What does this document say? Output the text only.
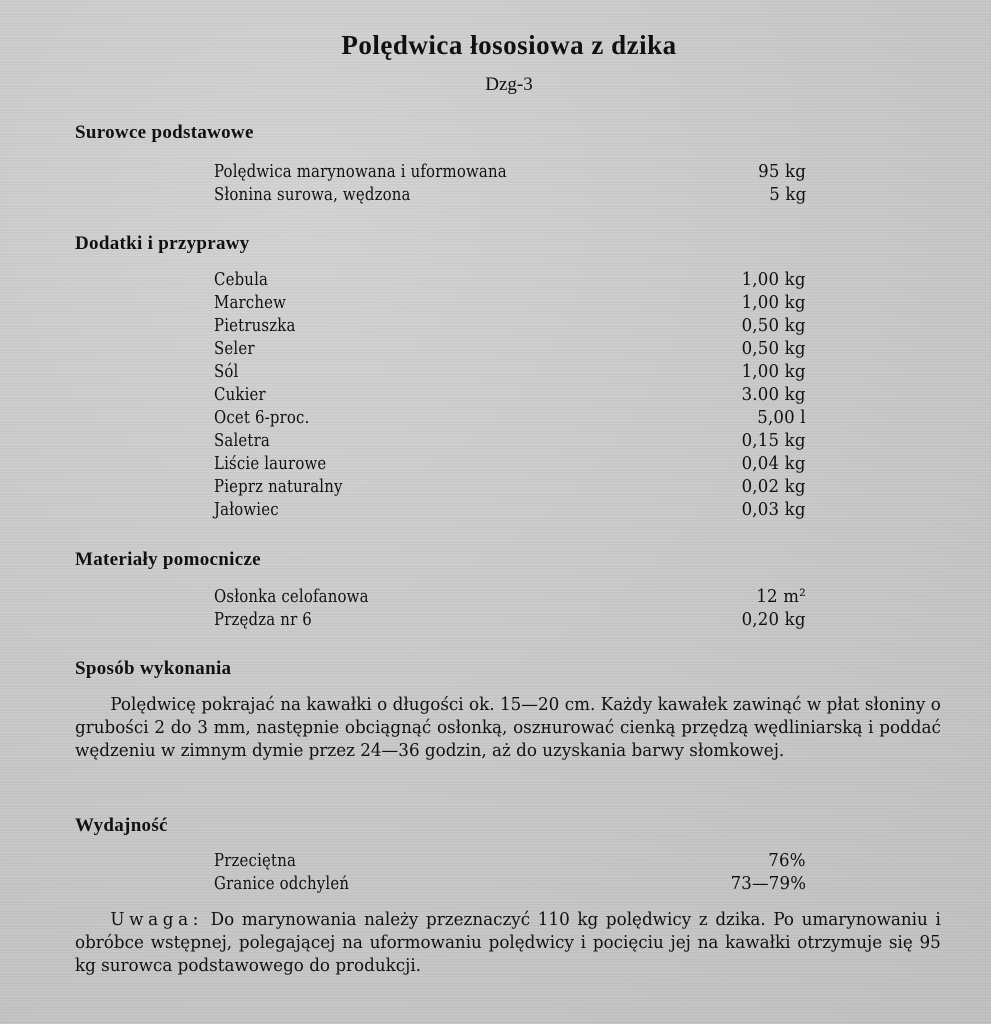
Polędwica łososiowa z dzika
Dzg-3
Surowce podstawowe
Polędwica marynowana i uformowana	95 kg
Słonina surowa, wędzona	5 kg
Dodatki i przyprawy
Cebula	1,00 kg
Marchew	1,00 kg
Pietruszka	0,50 kg
Seler	0,50 kg
Sól	1,00 kg
Cukier	3.00 kg
Ocet 6-proc.	5,00 l
Saletra	0,15 kg
Liście laurowe	0,04 kg
Pieprz naturalny	0,02 kg
Jałowiec	0,03 kg
Materiały pomocnicze
Osłonka celofanowa	12 m²
Przędza nr 6	0,20 kg
Sposób wykonania
Polędwicę pokrajać na kawałki o długości ok. 15—20 cm. Każdy kawałek zawinąć w płat słoniny o grubości 2 do 3 mm, następnie obciągnąć osłonką, oszнurować cienką przędzą wędliniarską i poddać wędzeniu w zimnym dymie przez 24—36 godzin, aż do uzyskania barwy słomkowej.
Wydajność
Przeciętna	76%
Granice odchyleń	73—79%
Uwaga: Do marynowania należy przeznaczyć 110 kg polędwicy z dzika. Po umarynowaniu i obróbce wstępnej, polegającej na uformowaniu polędwicy i pocięciu jej na kawałki otrzymuje się 95 kg surowca podstawowego do produkcji.
